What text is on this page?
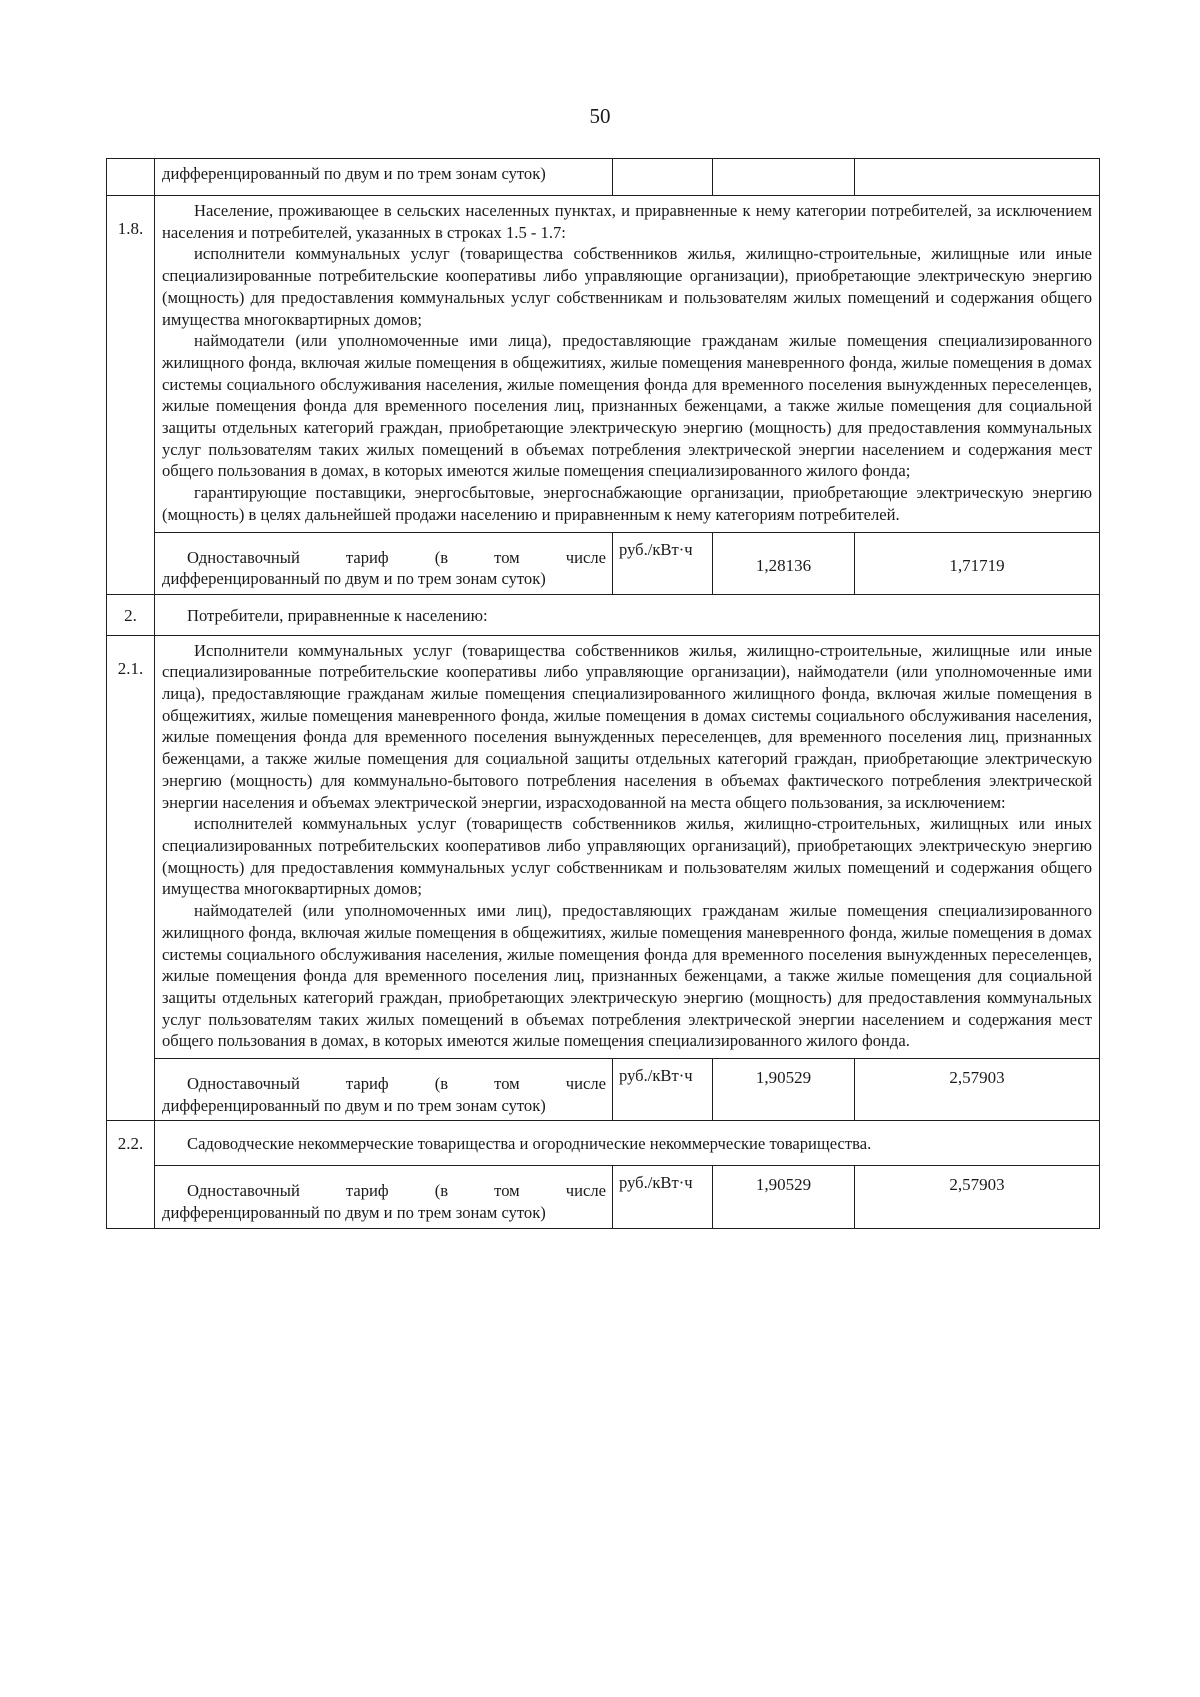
50

	дифференцированный по двум и по трем зонам суток)			

1.8.	Население, проживающее в сельских населенных пунктах, и приравненные к нему категории потребителей, за исключением населения и потребителей, указанных в строках 1.5 - 1.7:

исполнители коммунальных услуг (товарищества собственников жилья, жилищно-строительные, жилищные или иные специализированные потребительские кооперативы либо управляющие организации), приобретающие электрическую энергию (мощность) для предоставления коммунальных услуг собственникам и пользователям жилых помещений и содержания общего имущества многоквартирных домов;

наймодатели (или уполномоченные ими лица), предоставляющие гражданам жилые помещения специализированного жилищного фонда, включая жилые помещения в общежитиях, жилые помещения маневренного фонда, жилые помещения в домах системы социального обслуживания населения, жилые помещения фонда для временного поселения вынужденных переселенцев, жилые помещения фонда для временного поселения лиц, признанных беженцами, а также жилые помещения для социальной защиты отдельных категорий граждан, приобретающие электрическую энергию (мощность) для предоставления коммунальных услуг пользователям таких жилых помещений в объемах потребления электрической энергии населением и содержания мест общего пользования в домах, в которых имеются жилые помещения специализированного жилого фонда;

гарантирующие поставщики, энергосбытовые, энергоснабжающие организации, приобретающие электрическую энергию (мощность) в целях дальнейшей продажи населению и приравненным к нему категориям потребителей.			

	Одноставочный тариф (в том числе
дифференцированный по двум и по трем зонам суток)	руб./кВт·ч	1,28136	1,71719
2.	Потребители, приравненные к населению:			
2.1.	Исполнители коммунальных услуг (товарищества собственников жилья, жилищно-строительные, жилищные или иные специализированные потребительские кооперативы либо управляющие организации), наймодатели (или уполномоченные ими лица), предоставляющие гражданам жилые помещения специализированного жилищного фонда, включая жилые помещения в общежитиях, жилые помещения маневренного фонда, жилые помещения в домах системы социального обслуживания населения, жилые помещения фонда для временного поселения вынужденных переселенцев, для временного поселения лиц, признанных беженцами, а также жилые помещения для социальной защиты отдельных категорий граждан, приобретающие электрическую энергию (мощность) для коммунально-бытового потребления населения в объемах фактического потребления электрической энергии населения и объемах электрической энергии, израсходованной на места общего пользования, за исключением:

исполнителей коммунальных услуг (товариществ собственников жилья, жилищно-строительных, жилищных или иных специализированных потребительских кооперативов либо управляющих организаций), приобретающих электрическую энергию (мощность) для предоставления коммунальных услуг собственникам и пользователям жилых помещений и содержания общего имущества многоквартирных домов;

наймодателей (или уполномоченных ими лиц), предоставляющих гражданам жилые помещения специализированного жилищного фонда, включая жилые помещения в общежитиях, жилые помещения маневренного фонда, жилые помещения в домах системы социального обслуживания населения, жилые помещения фонда для временного поселения вынужденных переселенцев, жилые помещения фонда для временного поселения лиц, признанных беженцами, а также жилые помещения для социальной защиты отдельных категорий граждан, приобретающих электрическую энергию (мощность) для предоставления коммунальных услуг пользователям таких жилых помещений в объемах потребления электрической энергии населением и содержания мест общего пользования в домах, в которых имеются жилые помещения специализированного жилого фонда.			

	Одноставочный тариф (в том числе
дифференцированный по двум и по трем зонам суток)	руб./кВт·ч	1,90529	2,57903
2.2.	Садоводческие некоммерческие товарищества и огороднические некоммерческие товарищества.			

	Одноставочный тариф (в том числе
дифференцированный по двум и по трем зонам суток)	руб./кВт·ч	1,90529	2,57903
